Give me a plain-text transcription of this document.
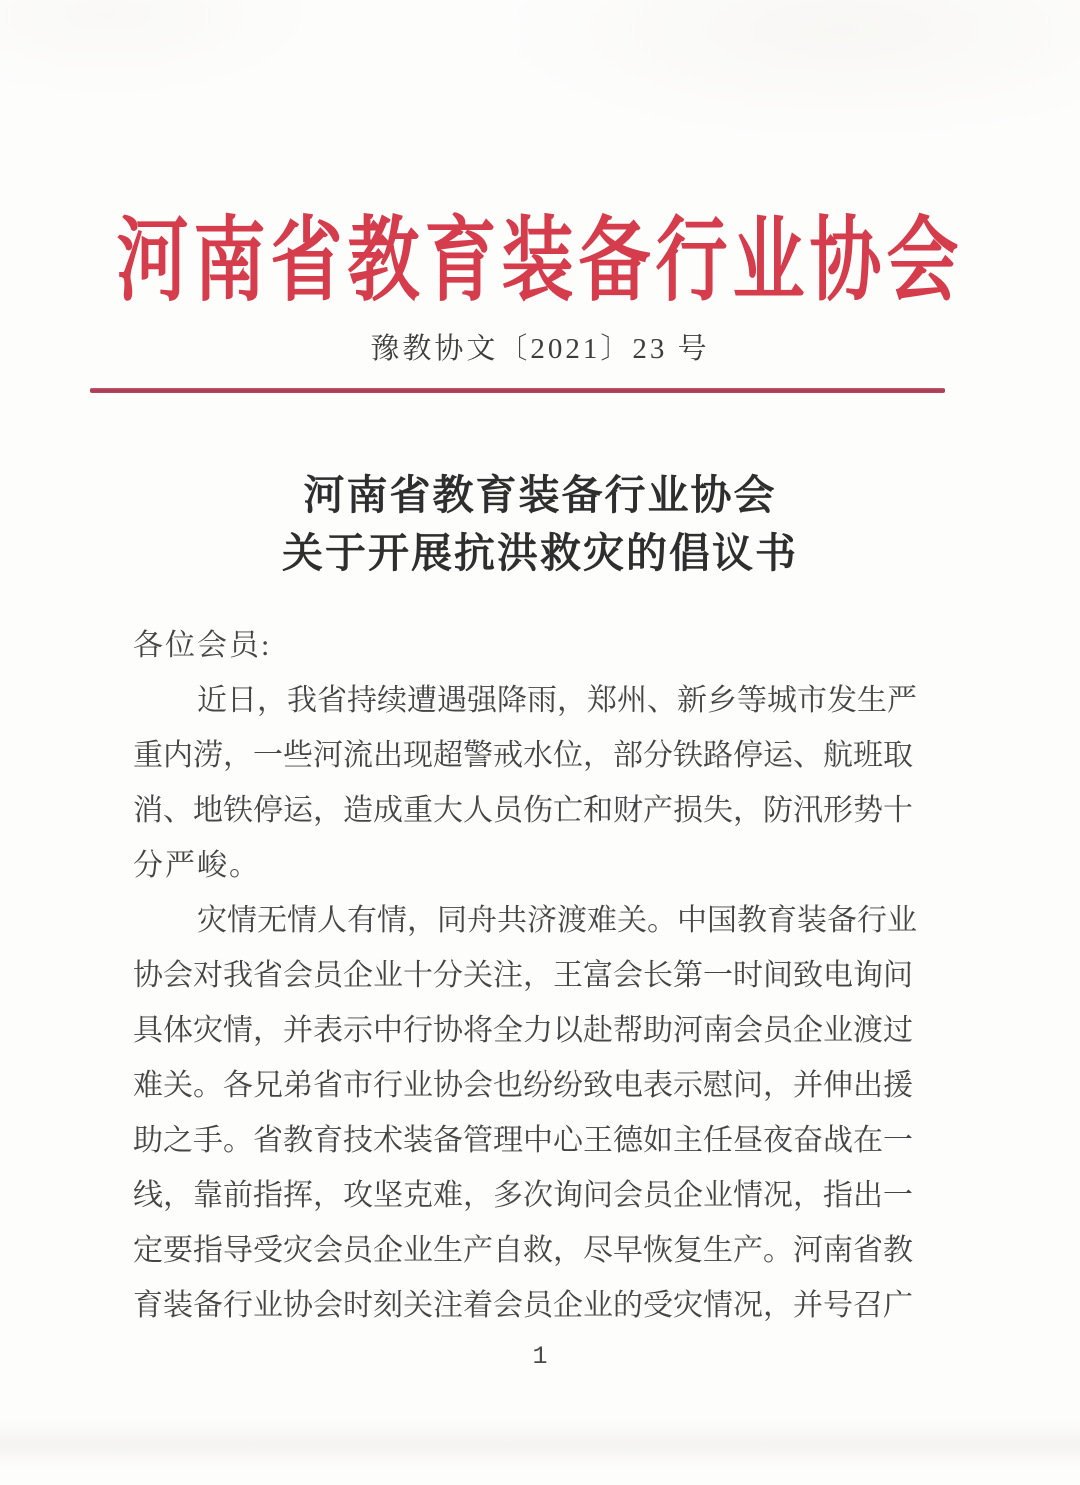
河南省教育装备行业协会
豫教协文〔2021〕23 号
河南省教育装备行业协会
关于开展抗洪救灾的倡议书
各位会员:
近日，我省持续遭遇强降雨，郑州、新乡等城市发生严
重内涝，一些河流出现超警戒水位，部分铁路停运、航班取
消、地铁停运，造成重大人员伤亡和财产损失，防汛形势十
分严峻。
灾情无情人有情，同舟共济渡难关。中国教育装备行业
协会对我省会员企业十分关注，王富会长第一时间致电询问
具体灾情，并表示中行协将全力以赴帮助河南会员企业渡过
难关。各兄弟省市行业协会也纷纷致电表示慰问，并伸出援
助之手。省教育技术装备管理中心王德如主任昼夜奋战在一
线，靠前指挥，攻坚克难，多次询问会员企业情况，指出一
定要指导受灾会员企业生产自救，尽早恢复生产。河南省教
育装备行业协会时刻关注着会员企业的受灾情况，并号召广
1
